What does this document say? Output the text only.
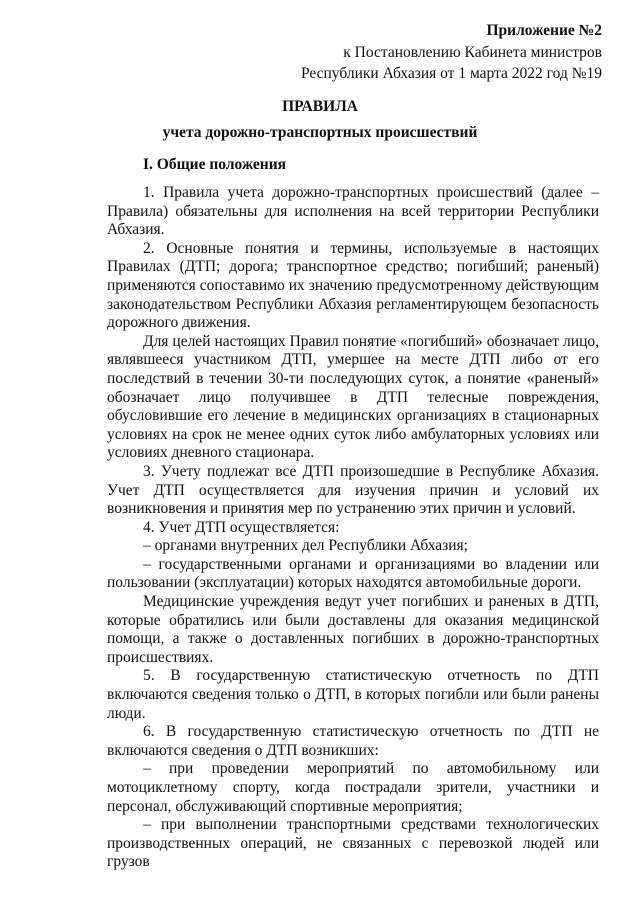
Приложение №2
к Постановлению Кабинета министров
Республики Абхазия от 1 марта 2022 год №19
ПРАВИЛА
учета дорожно-транспортных происшествий
I. Общие положения

1. Правила учета дорожно-транспортных происшествий (далее – Правила) обязательны для исполнения на всей территории Республики Абхазия.

2. Основные понятия и термины, используемые в настоящих Правилах (ДТП; дорога; транспортное средство; погибший; раненый) применяются сопоставимо их значению предусмотренному действующим законодательством Республики Абхазия регламентирующем безопасность дорожного движения.

Для целей настоящих Правил понятие «погибший» обозначает лицо, являвшееся участником ДТП, умершее на месте ДТП либо от его последствий в течении 30-ти последующих суток, а понятие «раненый» обозначает лицо получившее в ДТП телесные повреждения, обусловившие его лечение в медицинских организациях в стационарных условиях на срок не менее одних суток либо амбулаторных условиях или условиях дневного стационара.

3. Учету подлежат все ДТП произошедшие в Республике Абхазия. Учет ДТП осуществляется для изучения причин и условий их возникновения и принятия мер по устранению этих причин и условий.

4. Учет ДТП осуществляется:

– органами внутренних дел Республики Абхазия;

– государственными органами и организациями во владении или пользовании (эксплуатации) которых находятся автомобильные дороги.

Медицинские учреждения ведут учет погибших и раненых в ДТП, которые обратились или были доставлены для оказания медицинской помощи, а также о доставленных погибших в дорожно-транспортных происшествиях.

5. В государственную статистическую отчетность по ДТП включаются сведения только о ДТП, в которых погибли или были ранены люди.

6. В государственную статистическую отчетность по ДТП не включаются сведения о ДТП возникших:

– при проведении мероприятий по автомобильному или мотоциклетному спорту, когда пострадали зрители, участники и персонал, обслуживающий спортивные мероприятия;

– при выполнении транспортными средствами технологических производственных операций, не связанных с перевозкой людей или грузов
